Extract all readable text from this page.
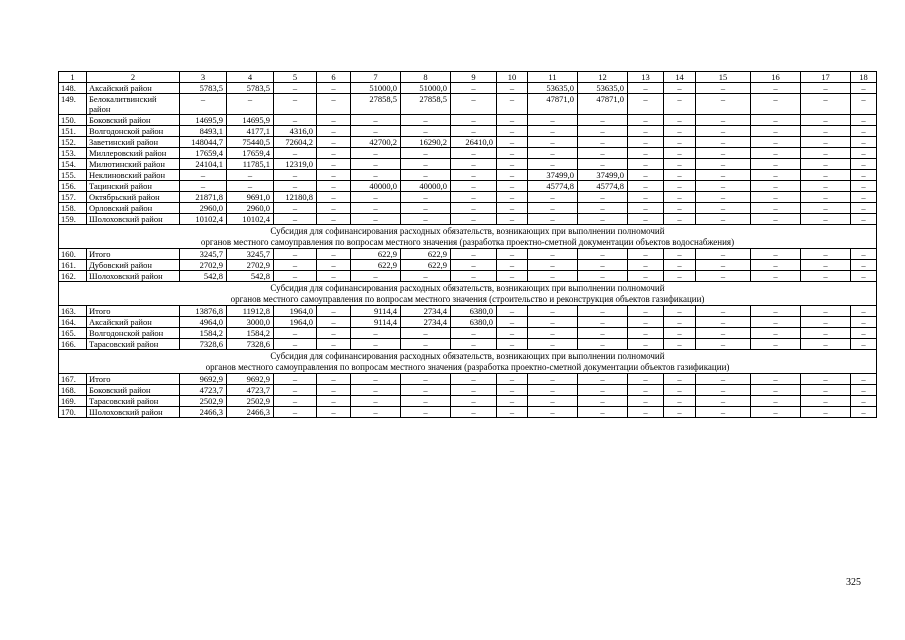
1	2	3	4	5	6	7	8	9	10	11	12	13	14	15	16	17	18
148.	Аксайский район	5783,5	5783,5	–	–	51000,0	51000,0	–	–	53635,0	53635,0	–	–	–	–	–	–
149.	Белокалитвинский район	–	–	–	–	27858,5	27858,5	–	–	47871,0	47871,0	–	–	–	–	–	–
150.	Боковский район	14695,9	14695,9	–	–	–	–	–	–	–	–	–	–	–	–	–	–
151.	Волгодонской район	8493,1	4177,1	4316,0	–	–	–	–	–	–	–	–	–	–	–	–	–
152.	Заветинский район	148044,7	75440,5	72604,2	–	42700,2	16290,2	26410,0	–	–	–	–	–	–	–	–	–
153.	Миллеровский район	17659,4	17659,4	–	–	–	–	–	–	–	–	–	–	–	–	–	–
154.	Милютинский район	24104,1	11785,1	12319,0	–	–	–	–	–	–	–	–	–	–	–	–	–
155.	Неклиновский район	–	–	–	–	–	–	–	–	37499,0	37499,0	–	–	–	–	–	–
156.	Тацинский район	–	–	–	–	40000,0	40000,0	–	–	45774,8	45774,8	–	–	–	–	–	–
157.	Октябрьский район	21871,8	9691,0	12180,8	–	–	–	–	–	–	–	–	–	–	–	–	–
158.	Орловский район	2960,0	2960,0	–	–	–	–	–	–	–	–	–	–	–	–	–	–
159.	Шолоховский район	10102,4	10102,4	–	–	–	–	–	–	–	–	–	–	–	–	–	–

Субсидия для софинансирования расходных обязательств, возникающих при выполнении полномочий
органов местного самоуправления по вопросам местного значения (разработка проектно-сметной документации объектов водоснабжения)																	

160.	Итого	3245,7	3245,7	–	–	622,9	622,9	–	–	–	–	–	–	–	–	–	–
161.	Дубовский район	2702,9	2702,9	–	–	622,9	622,9	–	–	–	–	–	–	–	–	–	–
162.	Шолоховский район	542,8	542,8	–	–	–	–	–	–	–	–	–	–	–	–	–	–

Субсидия для софинансирования расходных обязательств, возникающих при выполнении полномочий
органов местного самоуправления по вопросам местного значения (строительство и реконструкция объектов газификации)																	

163.	Итого	13876,8	11912,8	1964,0	–	9114,4	2734,4	6380,0	–	–	–	–	–	–	–	–	–
164.	Аксайский район	4964,0	3000,0	1964,0	–	9114,4	2734,4	6380,0	–	–	–	–	–	–	–	–	–
165.	Волгодонской район	1584,2	1584,2	–	–	–	–	–	–	–	–	–	–	–	–	–	–
166.	Тарасовский район	7328,6	7328,6	–	–	–	–	–	–	–	–	–	–	–	–	–	–

Субсидия для софинансирования расходных обязательств, возникающих при выполнении полномочий
органов местного самоуправления по вопросам местного значения (разработка проектно-сметной документации объектов газификации)																	

167.	Итого	9692,9	9692,9	–	–	–	–	–	–	–	–	–	–	–	–	–	–
168.	Боковский район	4723,7	4723,7	–	–	–	–	–	–	–	–	–	–	–	–	–	–
169.	Тарасовский район	2502,9	2502,9	–	–	–	–	–	–	–	–	–	–	–	–	–	–
170.	Шолоховский район	2466,3	2466,3	–	–	–	–	–	–	–	–	–	–	–	–	–	–
325
